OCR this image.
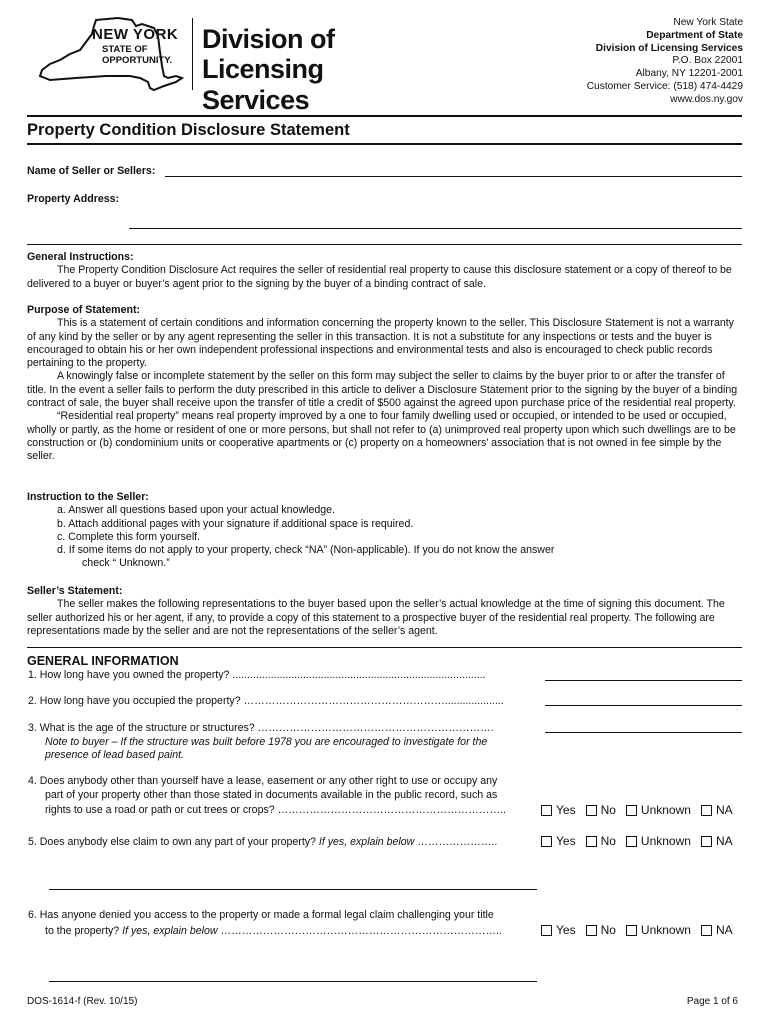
NEW YORK
STATE OF
OPPORTUNITY.
Division of
Licensing Services
New York State
Department of State
Division of Licensing Services
P.O. Box 22001
Albany, NY 12201-2001
Customer Service: (518) 474-4429
www.dos.ny.gov
Property Condition Disclosure Statement
Name of Seller or Sellers:
Property Address:

General Instructions:

The Property Condition Disclosure Act requires the seller of residential real property to cause this disclosure statement or a copy of thereof to be delivered to a buyer or buyer’s agent prior to the signing by the buyer of a binding contract of sale.

Purpose of Statement:

This is a statement of certain conditions and information concerning the property known to the seller. This Disclosure Statement is not a warranty of any kind by the seller or by any agent representing the seller in this transaction. It is not a substitute for any inspections or tests and the buyer is encouraged to obtain his or her own independent professional inspections and environmental tests and also is encouraged to check public records pertaining to the property.

A knowingly false or incomplete statement by the seller on this form may subject the seller to claims by the buyer prior to or after the transfer of title. In the event a seller fails to perform the duty prescribed in this article to deliver a Disclosure Statement prior to the signing by the buyer of a binding contract of sale, the buyer shall receive upon the transfer of title a credit of $500 against the agreed upon purchase price of the residential real property.

“Residential real property” means real property improved by a one to four family dwelling used or occupied, or intended to be used or occupied, wholly or partly, as the home or resident of one or more persons, but shall not refer to (a) unimproved real property upon which such dwellings are to be construction or (b) condominium units or cooperative apartments or (c) property on a homeowners’ association that is not owned in fee simple by the seller.

Instruction to the Seller:

a. Answer all questions based upon your actual knowledge.

b. Attach additional pages with your signature if additional space is required.

c. Complete this form yourself.

d. If some items do not apply to your property, check “NA” (Non-applicable). If you do not know the answer

check “ Unknown.”

Seller’s Statement:

The seller makes the following representations to the buyer based upon the seller’s actual knowledge at the time of signing this document. The seller authorized his or her agent, if any, to provide a copy of this statement to a prospective buyer of the residential real property. The following are representations made by the seller and are not the representations of the seller’s agent.

GENERAL INFORMATION
1. How long have you owned the property? ......................................................................................
2. How long have you occupied the property? …………………………………………………....................
3. What is the age of the structure or structures? ………………………………………………………….
Note to buyer – If the structure was built before 1978 you are encouraged to investigate for the
presence of lead based paint.
4. Does anybody other than yourself have a lease, easement or any other right to use or occupy any
part of your property other than those stated in documents available in the public record, such as
rights to use a road or path or cut trees or crops? ………………………………………………………..	Yes No Unknown NA
5. Does anybody else claim to own any part of your property? If yes, explain below …………………..	Yes No Unknown NA
6. Has anyone denied you access to the property or made a formal legal claim challenging your title
to the property? If yes, explain below ……………………………………………………………………..	Yes No Unknown NA
DOS-1614-f (Rev. 10/15)	Page 1 of 6
